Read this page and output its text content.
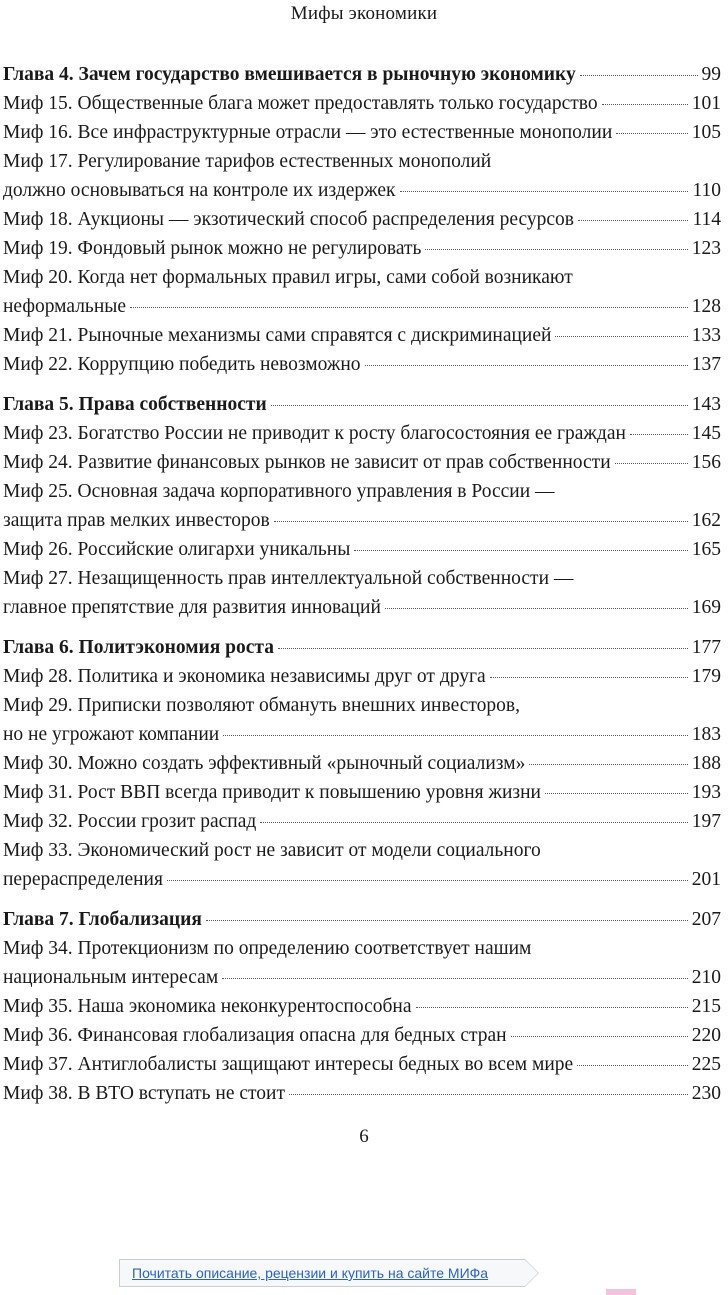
Мифы экономики
Глава 4. Зачем государство вмешивается в рыночную экономику	99
Миф 15. Общественные блага может предоставлять только государство	101
Миф 16. Все инфраструктурные отрасли — это естественные монополии	105
Миф 17. Регулирование тарифов естественных монополий
должно основываться на контроле их издержек	110
Миф 18. Аукционы — экзотический способ распределения ресурсов	114
Миф 19. Фондовый рынок можно не регулировать	123
Миф 20. Когда нет формальных правил игры, сами собой возникают
неформальные	128
Миф 21. Рыночные механизмы сами справятся с дискриминацией	133
Миф 22. Коррупцию победить невозможно	137
Глава 5. Права собственности	143
Миф 23. Богатство России не приводит к росту благосостояния ее граждан	145
Миф 24. Развитие финансовых рынков не зависит от прав собственности	156
Миф 25. Основная задача корпоративного управления в России —
защита прав мелких инвесторов	162
Миф 26. Российские олигархи уникальны	165
Миф 27. Незащищенность прав интеллектуальной собственности —
главное препятствие для развития инноваций	169
Глава 6. Политэкономия роста	177
Миф 28. Политика и экономика независимы друг от друга	179
Миф 29. Приписки позволяют обмануть внешних инвесторов,
но не угрожают компании	183
Миф 30. Можно создать эффективный «рыночный социализм»	188
Миф 31. Рост ВВП всегда приводит к повышению уровня жизни	193
Миф 32. России грозит распад	197
Миф 33. Экономический рост не зависит от модели социального
перераспределения	201
Глава 7. Глобализация	207
Миф 34. Протекционизм по определению соответствует нашим
национальным интересам	210
Миф 35. Наша экономика неконкурентоспособна	215
Миф 36. Финансовая глобализация опасна для бедных стран	220
Миф 37. Антиглобалисты защищают интересы бедных во всем мире	225
Миф 38. В ВТО вступать не стоит	230
6
Почитать описание, рецензии и купить на сайте МИФа
